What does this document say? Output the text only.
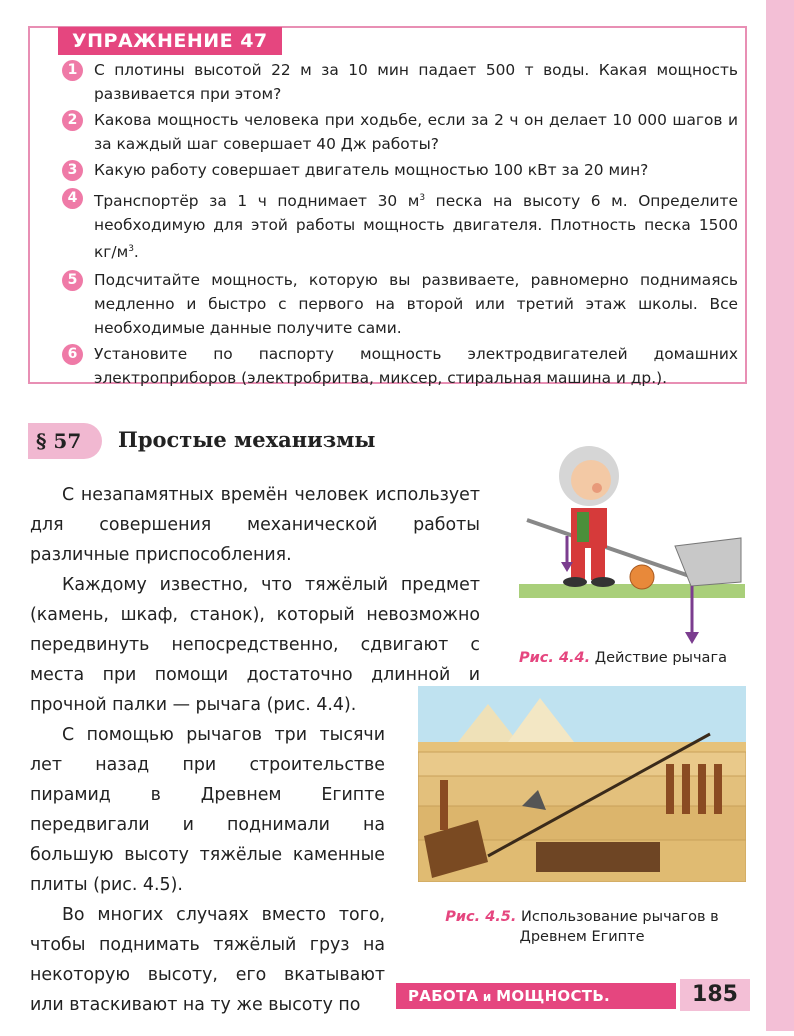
УПРАЖНЕНИЕ 47
1	С плотины высотой 22 м за 10 мин падает 500 т воды. Какая мощность развивается при этом?
2	Какова мощность человека при ходьбе, если за 2 ч он делает 10 000 шагов и за каждый шаг совершает 40 Дж работы?
3	Какую работу совершает двигатель мощностью 100 кВт за 20 мин?
4	Транспортёр за 1 ч поднимает 30 $м^3$ песка на высоту 6 м. Определите необходимую для этой работы мощность двигателя. Плотность песка 1500 $кг/м^3$.
5	Подсчитайте мощность, которую вы развиваете, равномерно поднимаясь медленно и быстро с первого на второй или третий этаж школы. Все необходимые данные получите сами.
6	Установите по паспорту мощность электродвигателей домашних электроприборов (электробритва, миксер, стиральная машина и др.).
§ 57	Простые механизмы

С незапамятных времён человек использует для совершения механической работы различные приспособления.

Каждому известно, что тяжёлый предмет (камень, шкаф, станок), который невозможно передвинуть непосредственно, сдвигают с места при помощи достаточно длинной и прочной палки — рычага (рис. 4.4).

С помощью рычагов три тысячи лет назад при строительстве пирамид в Древнем Египте передвигали и поднимали на большую высоту тяжёлые каменные плиты (рис. 4.5).

Во многих случаях вместо того, чтобы поднимать тяжёлый груз на некоторую высоту, его вкатывают или втаскивают на ту же высоту по

Рис. 4.4. Действие рычага
Рис. 4.5. Использование рычагов в Древнем Египте
РАБОТА и МОЩНОСТЬ. ЭНЕРГИЯ
185
